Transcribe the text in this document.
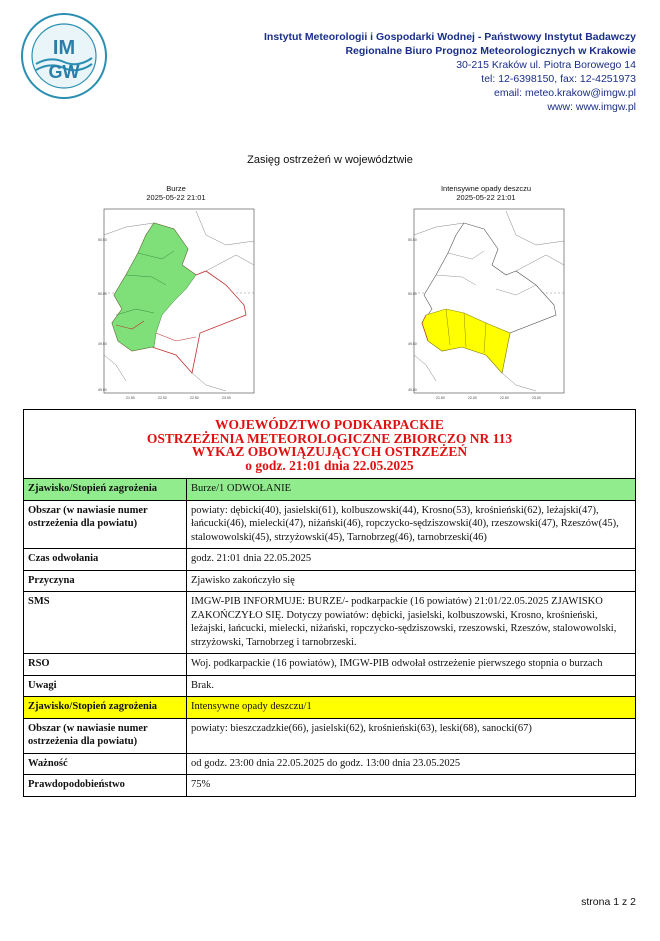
IM
GW
Instytut Meteorologii i Gospodarki Wodnej - Państwowy Instytut Badawczy
Regionalne Biuro Prognoz Meteorologicznych w Krakowie
30-215 Kraków ul. Piotra Borowego 14
tel: 12-6398150, fax: 12-4251973
email: meteo.krakow@imgw.pl
www: www.imgw.pl
Zasięg ostrzeżeń w województwie
Burze
2025-05-22 21:01
50.50
50.00
49.50
49.00
21.50	22.00	22.50	23.00
Intensywne opady deszczu
2025-05-22 21:01
50.50
50.00
49.50
49.00
21.50	22.00	22.50	23.00
WOJEWÓDZTWO PODKARPACKIE
OSTRZEŻENIA METEOROLOGICZNE ZBIORCZO NR 113
WYKAZ OBOWIĄZUJĄCYCH OSTRZEŻEŃ
o godz. 21:01 dnia 22.05.2025	

Zjawisko/Stopień zagrożenia	Burze/1 ODWOŁANIE
Obszar (w nawiasie numer ostrzeżenia dla powiatu)	powiaty: dębicki(40), jasielski(61), kolbuszowski(44), Krosno(53), krośnieński(62), leżajski(47), łańcucki(46), mielecki(47), niżański(46), ropczycko-sędziszowski(40), rzeszowski(47), Rzeszów(45), stalowowolski(45), strzyżowski(45), Tarnobrzeg(46), tarnobrzeski(46)
Czas odwołania	godz. 21:01 dnia 22.05.2025
Przyczyna	Zjawisko zakończyło się
SMS	IMGW-PIB INFORMUJE: BURZE/- podkarpackie (16 powiatów) 21:01/22.05.2025 ZJAWISKO ZAKOŃCZYŁO SIĘ. Dotyczy powiatów: dębicki, jasielski, kolbuszowski, Krosno, krośnieński, leżajski, łańcucki, mielecki, niżański, ropczycko-sędziszowski, rzeszowski, Rzeszów, stalowowolski, strzyżowski, Tarnobrzeg i tarnobrzeski.
RSO	Woj. podkarpackie (16 powiatów), IMGW-PIB odwołał ostrzeżenie pierwszego stopnia o burzach
Uwagi	Brak.
Zjawisko/Stopień zagrożenia	Intensywne opady deszczu/1
Obszar (w nawiasie numer ostrzeżenia dla powiatu)	powiaty: bieszczadzkie(66), jasielski(62), krośnieński(63), leski(68), sanocki(67)
Ważność	od godz. 23:00 dnia 22.05.2025 do godz. 13:00 dnia 23.05.2025
Prawdopodobieństwo	75%
strona 1 z 2
